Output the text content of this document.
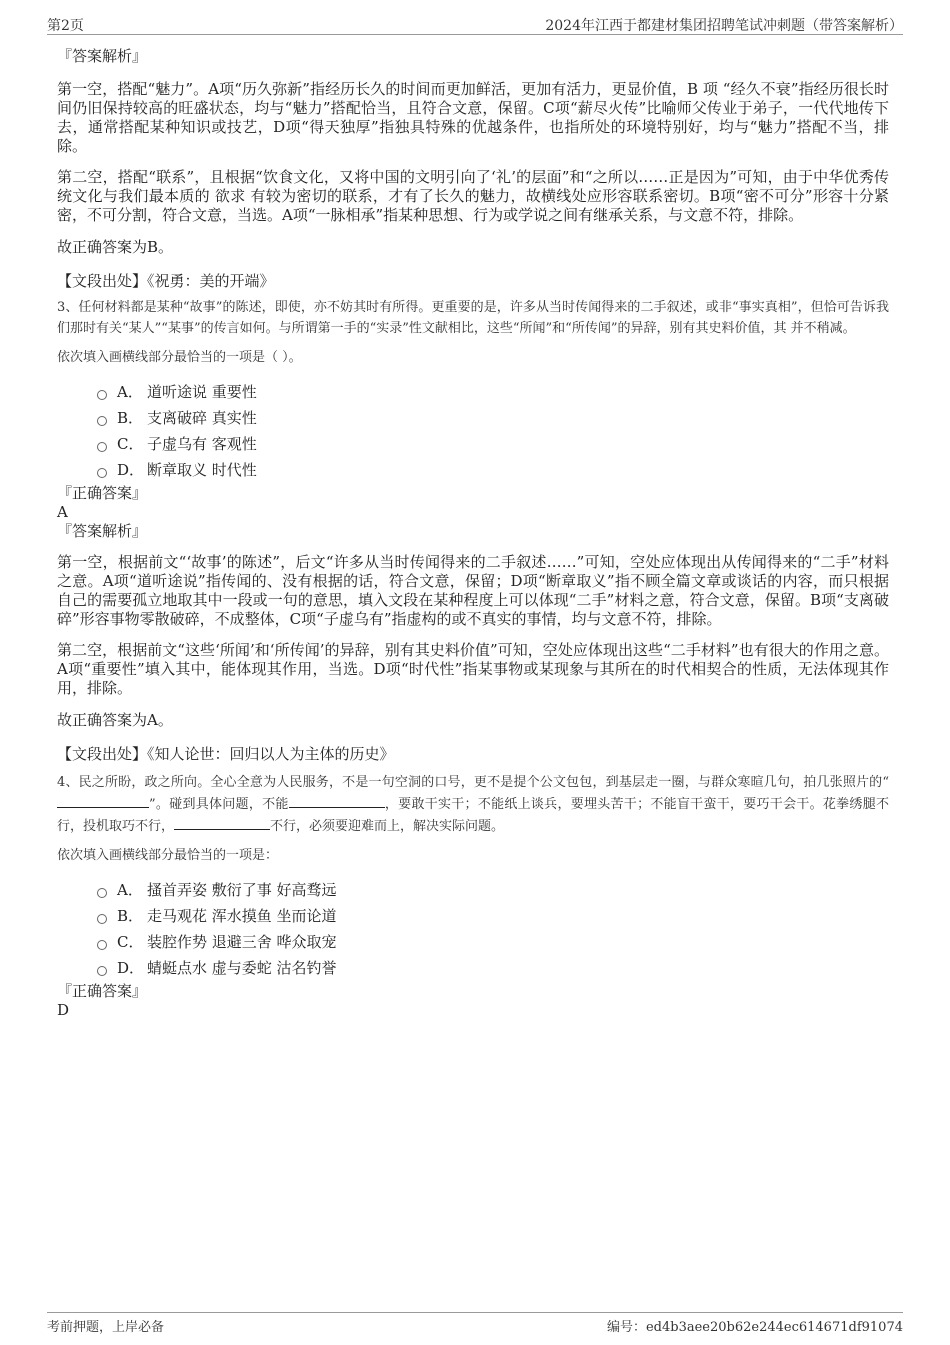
第2页	2024年江西于都建材集团招聘笔试冲刺题（带答案解析）

『答案解析』

第一空，搭配“魅力”。A项“历久弥新”指经历长久的时间而更加鲜活，更加有活力，更显价值，B 项 “经久不衰”指经历很长时间仍旧保持较高的旺盛状态，均与“魅力”搭配恰当，且符合文意，保留。C项“薪尽火传”比喻师父传业于弟子，一代代地传下去，通常搭配某种知识或技艺，D项“得天独厚”指独具特殊的优越条件，也指所处的环境特别好，均与“魅力”搭配不当，排除。

第二空，搭配“联系”，且根据“饮食文化，又将中国的文明引向了‘礼’的层面”和“之所以……正是因为”可知，由于中华优秀传统文化与我们最本质的 欲求 有较为密切的联系，才有了长久的魅力，故横线处应形容联系密切。B项“密不可分”形容十分紧密，不可分割，符合文意，当选。A项“一脉相承”指某种思想、行为或学说之间有继承关系，与文意不符，排除。

故正确答案为B。

【文段出处】《祝勇：美的开端》

3、任何材料都是某种“故事”的陈述，即使，亦不妨其时有所得。更重要的是，许多从当时传闻得来的二手叙述，或非“事实真相”，但恰可告诉我们那时有关“某人”“某事”的传言如何。与所谓第一手的“实录”性文献相比，这些“所闻”和“所传闻”的异辞，别有其史料价值，其 并不稍减。

依次填入画横线部分最恰当的一项是（ ）。

A． 道听途说 重要性
B． 支离破碎 真实性
C． 子虚乌有 客观性
D． 断章取义 时代性

『正确答案』

A

『答案解析』

第一空，根据前文“‘故事’的陈述”，后文“许多从当时传闻得来的二手叙述……”可知，空处应体现出从传闻得来的“二手”材料之意。A项“道听途说”指传闻的、没有根据的话，符合文意，保留；D项“断章取义”指不顾全篇文章或谈话的内容，而只根据自己的需要孤立地取其中一段或一句的意思，填入文段在某种程度上可以体现“二手”材料之意，符合文意，保留。B项“支离破碎”形容事物零散破碎，不成整体，C项“子虚乌有”指虚构的或不真实的事情，均与文意不符，排除。

第二空，根据前文“这些‘所闻’和‘所传闻’的异辞，别有其史料价值”可知，空处应体现出这些“二手材料”也有很大的作用之意。A项“重要性”填入其中，能体现其作用，当选。D项“时代性”指某事物或某现象与其所在的时代相契合的性质，无法体现其作用，排除。

故正确答案为A。

【文段出处】《知人论世：回归以人为主体的历史》

4、民之所盼，政之所向。全心全意为人民服务，不是一句空洞的口号，更不是提个公文包包，到基层走一圈，与群众寒暄几句，拍几张照片的“”。碰到具体问题，不能	，要敢干实干；不能纸上谈兵，要埋头苦干；不能盲干蛮干，要巧干会干。花拳绣腿不行，投机取巧不行，	不行，必须要迎难而上，解决实际问题。

依次填入画横线部分最恰当的一项是：

A． 搔首弄姿 敷衍了事 好高骛远
B． 走马观花 浑水摸鱼 坐而论道
C． 装腔作势 退避三舍 哗众取宠
D． 蜻蜓点水 虚与委蛇 沽名钓誉

『正确答案』

D

考前押题，上岸必备	编号：ed4b3aee20b62e244ec614671df91074
